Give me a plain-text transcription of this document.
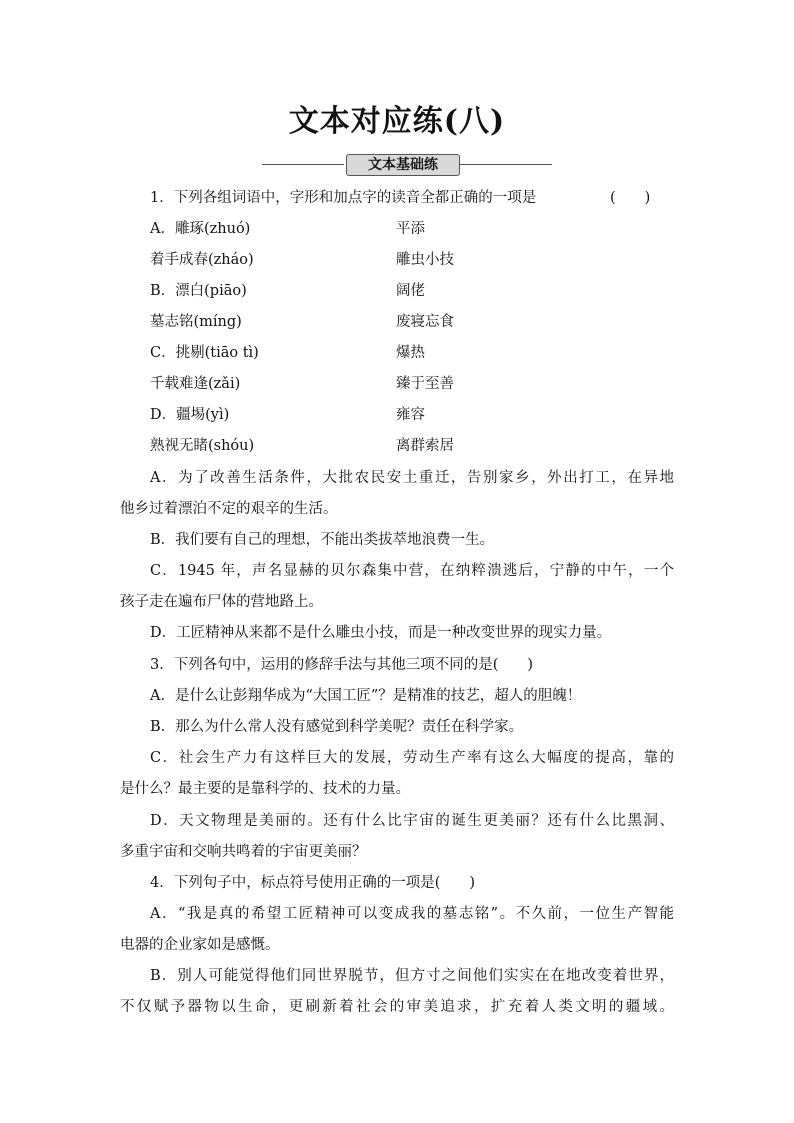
文本对应练(八)
文本基础练
1．下列各组词语中，字形和加点字的读音全都正确的一项是	(　　)
A．雕琢(zhuó)	平添
着手成春(zháo)	雕虫小技
B．漂白(piāo)	阔佬
墓志铭(míng)	废寝忘食
C．挑剔(tiāo tì)	爆热
千载难逢(zǎi)	臻于至善
D．疆埸(yì)	雍容
熟视无睹(shóu)	离群索居
A．为了改善生活条件，大批农民安土重迁，告别家乡，外出打工，在异地
他乡过着漂泊不定的艰辛的生活。
B．我们要有自己的理想，不能出类拔萃地浪费一生。
C．1945 年，声名显赫的贝尔森集中营，在纳粹溃逃后，宁静的中午，一个
孩子走在遍布尸体的营地路上。
D．工匠精神从来都不是什么雕虫小技，而是一种改变世界的现实力量。
3．下列各句中，运用的修辞手法与其他三项不同的是(　　)
A．是什么让彭翔华成为“大国工匠”？是精准的技艺，超人的胆魄！
B．那么为什么常人没有感觉到科学美呢？责任在科学家。
C．社会生产力有这样巨大的发展，劳动生产率有这么大幅度的提高，靠的
是什么？最主要的是靠科学的、技术的力量。
D．天文物理是美丽的。还有什么比宇宙的诞生更美丽？还有什么比黑洞、
多重宇宙和交响共鸣着的宇宙更美丽？
4．下列句子中，标点符号使用正确的一项是(　　)
A．“我是真的希望工匠精神可以变成我的墓志铭”。不久前，一位生产智能
电器的企业家如是感慨。
B．别人可能觉得他们同世界脱节，但方寸之间他们实实在在地改变着世界，
不仅赋予器物以生命，更刷新着社会的审美追求，扩充着人类文明的疆域。
